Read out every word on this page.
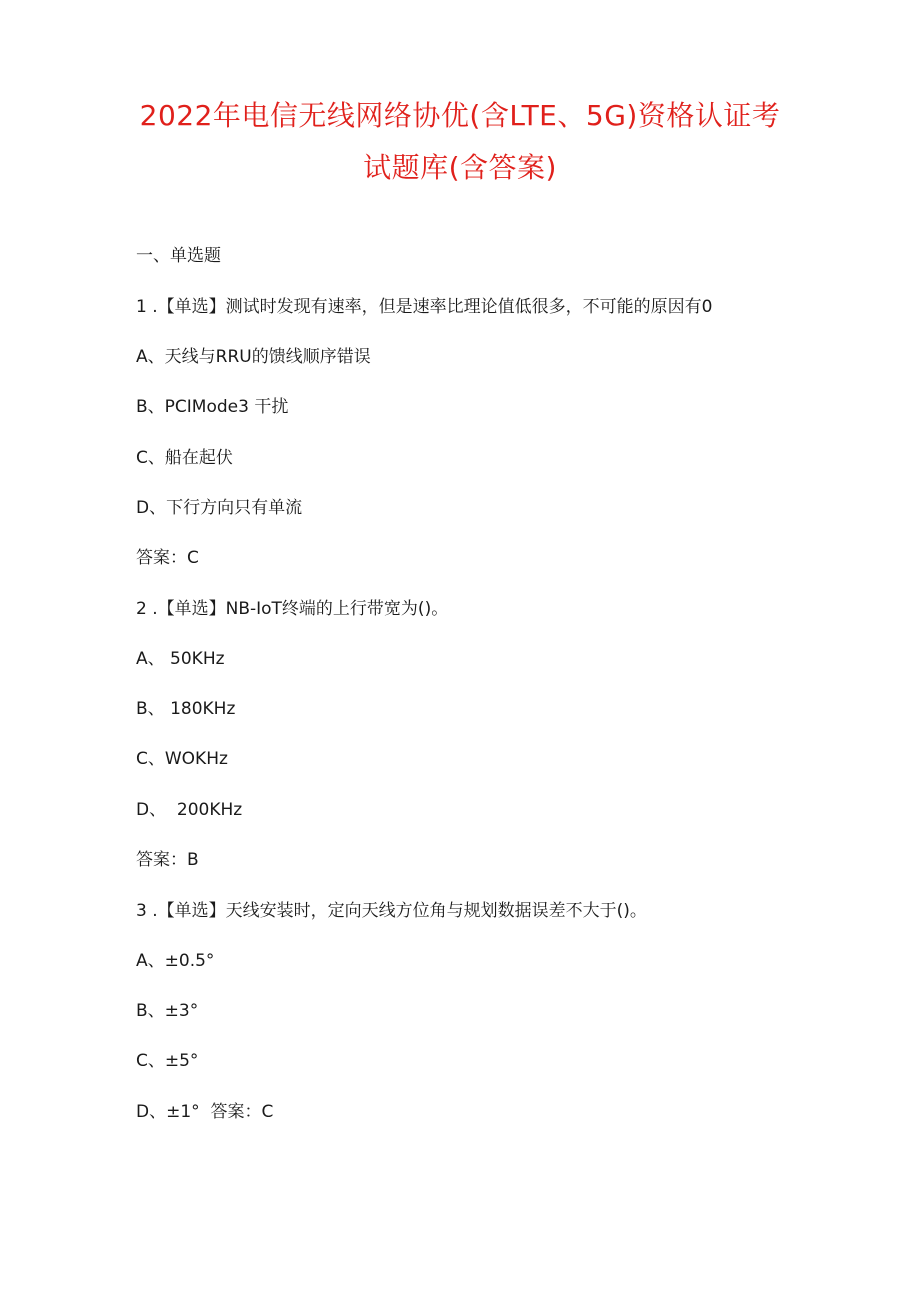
2022年电信无线网络协优(含LTE、5G)资格认证考
试题库(含答案)
一、单选题
1 .【单选】测试时发现有速率，但是速率比理论值低很多，不可能的原因有0
A、天线与RRU的馈线顺序错误
B、PCIMode3 干扰
C、船在起伏
D、下行方向只有单流
答案：C
2 .【单选】NB-IoT终端的上行带宽为()。
A、 50KHz
B、 180KHz
C、WOKHz
D、  200KHz
答案：B
3 .【单选】天线安装时，定向天线方位角与规划数据误差不大于()。
A、±0.5°
B、±3°
C、±5°
D、±1°  答案：C
